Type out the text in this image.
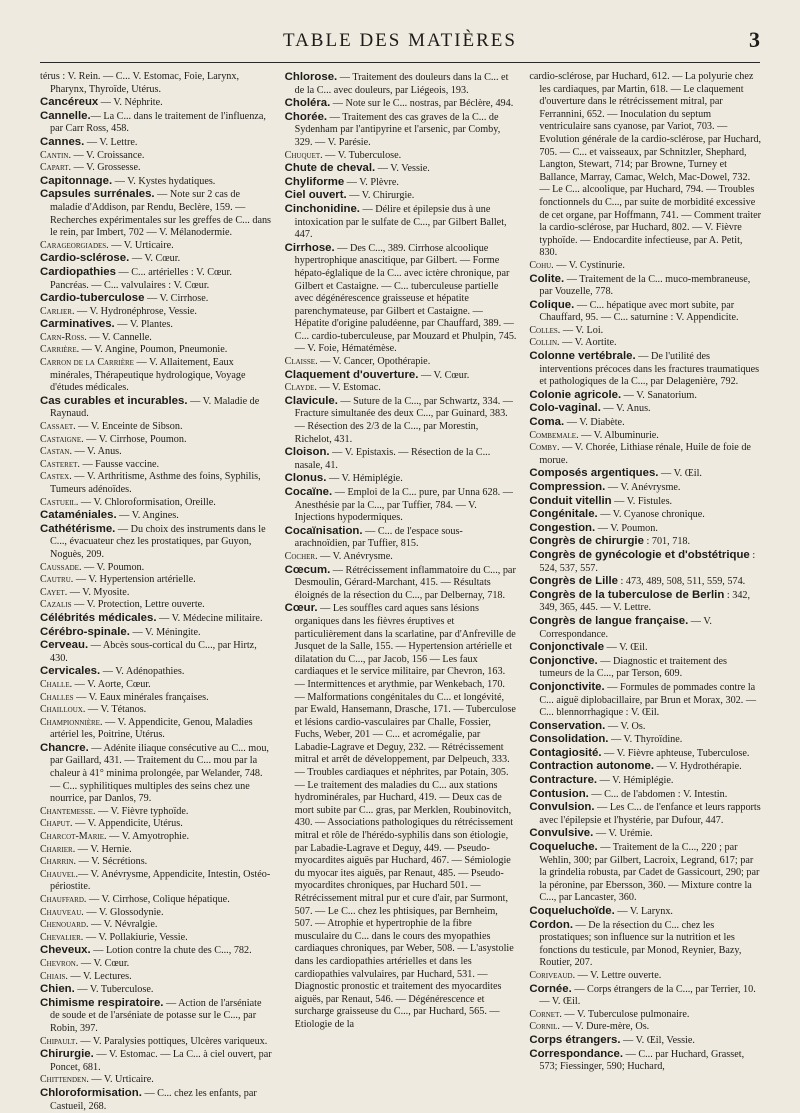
TABLE DES MATIÈRES	3

térus : V. Rein. — C... V. Estomac, Foie, Larynx, Pharynx, Thyroïde, Utérus.

Cancéreux — V. Néphrite.

Cannelle.— La C... dans le traitement de l'influenza, par Carr Ross, 458.

Cannes. — V. Lettre.

Cantin. — V. Croissance.

Capart. — V. Grossesse.

Capitonnage. — V. Kystes hydatiques.

Capsules surrénales. — Note sur 2 cas de maladie d'Addison, par Rendu, Beclère, 159. — Recherches expérimentales sur les greffes de C... dans le rein, par Imbert, 702 — V. Mélanodermie.

Carageorgiades. — V. Urticaire.

Cardio-sclérose. — V. Cœur.

Cardiopathies — C... artérielles : V. Cœur. Pancréas. — C... valvulaires : V. Cœur.

Cardio-tuberculose — V. Cirrhose.

Carlier. — V. Hydronéphrose, Vessie.

Carminatives. — V. Plantes.

Carn-Ross. — V. Cannelle.

Carrière. — V. Angine, Poumon, Pneumonie.

Carron de la Carrière — V. Allaitement, Eaux minérales, Thérapeutique hydrologique, Voyage d'études médicales.

Cas curables et incurables. — V. Maladie de Raynaud.

Cassaet. — V. Enceinte de Sibson.

Castaigne. — V. Cirrhose, Poumon.

Castan. — V. Anus.

Casteret. — Fausse vaccine.

Castex. — V. Arthritisme, Asthme des foins, Syphilis, Tumeurs adénoïdes.

Castueil. — V. Chloroformisation, Oreille.

Cataméniales. — V. Angines.

Cathétérisme. — Du choix des instruments dans le C..., évacuateur chez les prostatiques, par Guyon, Noguès, 209.

Caussade. — V. Poumon.

Cautru. — V. Hypertension artérielle.

Cayet. — V. Myosite.

Cazalis — V. Protection, Lettre ouverte.

Célébrités médicales. — V. Médecine militaire.

Cérébro-spinale. — V. Méningite.

Cerveau. — Abcès sous-cortical du C..., par Hirtz, 430.

Cervicales. — V. Adénopathies.

Challe. — V. Aorte, Cœur.

Challes — V. Eaux minérales françaises.

Chailloux. — V. Tétanos.

Championnière. — V. Appendicite, Genou, Maladies artériel les, Poitrine, Utérus.

Chancre. — Adénite iliaque consécutive au C... mou, par Gaillard, 431. — Traitement du C... mou par la chaleur à 41° minima prolongée, par Welander, 748. — C... syphilitiques multiples des seins chez une nourrice, par Danlos, 79.

Chantemesse. — V. Fièvre typhoïde.

Chaput. — V. Appendicite, Utérus.

Charcot-Marie. — V. Amyotrophie.

Charier. — V. Hernie.

Charrin. — V. Sécrétions.

Chauvel.— V. Anévrysme, Appendicite, Intestin, Ostéo-périostite.

Chauffard. — V. Cirrhose, Colique hépatique.

Chauveau. — V. Glossodynie.

Chenouard. — V. Névralgie.

Chevalier. — V. Pollakiurie, Vessie.

Cheveux. — Lotion contre la chute des C..., 782.

Chevron. — V. Cœur.

Chiais. — V. Lectures.

Chien. — V. Tuberculose.

Chimisme respiratoire. — Action de l'arséniate de soude et de l'arséniate de potasse sur le C..., par Robin, 397.

Chipault. — V. Paralysies pottiques, Ulcères variqueux.

Chirurgie. — V. Estomac. — La C... à ciel ouvert, par Poncet, 681.

Chittenden. — V. Urticaire.

Chloroformisation. — C... chez les enfants, par Castueil, 268.

Chlorose. — Traitement des douleurs dans la C... et de la C... avec douleurs, par Liégeois, 193.

Choléra. — Note sur le C... nostras, par Béclère, 494.

Chorée. — Traitement des cas graves de la C... de Sydenham par l'antipyrine et l'arsenic, par Comby, 329. — V. Parésie.

Chuquet. — V. Tuberculose.

Chute de cheval. — V. Vessie.

Chyliforme — V. Plèvre.

Ciel ouvert. — V. Chirurgie.

Cinchonidine. — Délire et épilepsie dus à une intoxication par le sulfate de C..., par Gilbert Ballet, 447.

Cirrhose. — Des C..., 389. Cirrhose alcoolique hypertrophique anascitique, par Gilbert. — Forme hépato-églalique de la C... avec ictère chronique, par Gilbert et Castaigne. — C... tuberculeuse partielle avec dégénérescence graisseuse et hépatite parenchymateuse, par Gilbert et Castaigne. — Hépatite d'origine paludéenne, par Chauffard, 389. — C... cardio-tuberculeuse, par Mouzard et Phulpin, 745. — V. Foie, Hématémèse.

Claisse. — V. Cancer, Opothérapie.

Claquement d'ouverture. — V. Cœur.

Clayde. — V. Estomac.

Clavicule. — Suture de la C..., par Schwartz, 334. — Fracture simultanée des deux C..., par Guinard, 383. — Résection des 2/3 de la C..., par Morestin, Richelot, 431.

Cloison. — V. Epistaxis. — Résection de la C... nasale, 41.

Clonus. — V. Hémiplégie.

Cocaïne. — Emploi de la C... pure, par Unna 628. — Anesthésie par la C..., par Tuffier, 784. — V. Injections hypodermiques.

Cocaïnisation. — C... de l'espace sous-arachnoïdien, par Tuffier, 815.

Cocher. — V. Anévrysme.

Cœcum. — Rétrécissement inflammatoire du C..., par Desmoulin, Gérard-Marchant, 415. — Résultats éloignés de la résection du C..., par Delbernay, 718.

Cœur. — Les souffles card aques sans lésions organiques dans les fièvres éruptives et particulièrement dans la scarlatine, par d'Anfreville de Jusquet de la Salle, 155. — Hypertension artérielle et dilatation du C..., par Jacob, 156 — Les faux cardiaques et le service militaire, par Chevron, 163. — Intermittences et arythmie, par Wenkebach, 170. — Malformations congénitales du C... et longévité, par Ewald, Hansemann, Drasche, 171. — Tuberculose et lésions cardio-vasculaires par Challe, Fossier, Fuchs, Weber, 201 — C... et acromégalie, par Labadie-Lagrave et Deguy, 232. — Rétrécissement mitral et arrêt de développement, par Delpeuch, 333. — Troubles cardiaques et néphrites, par Potain, 305. — Le traitement des maladies du C... aux stations hydrominérales, par Huchard, 419. — Deux cas de mort subite par C... gras, par Merklen, Roubinovitch, 430. — Associations pathologiques du rétrécissement mitral et rôle de l'hérédo-syphilis dans son étiologie, par Labadie-Lagrave et Deguy, 449. — Pseudo-myocardites aiguës par Huchard, 467. — Sémiologie du myocar ites aiguës, par Renaut, 485. — Pseudo-myocardites chroniques, par Huchard 501. — Rétrécissement mitral pur et cure d'air, par Surmont, 507. — Le C... chez les phtisiques, par Bernheim, 507. — Atrophie et hypertrophie de la fibre musculaire du C... dans le cours des myopathies cardiaques chroniques, par Weber, 508. — L'asystolie dans les cardiopathies artérielles et dans les cardiopathies valvulaires, par Huchard, 531. — Diagnostic pronostic et traitement des myocardites aiguës, par Renaut, 546. — Dégénérescence et surcharge graisseuse du C..., par Huchard, 565. — Etiologie de la

cardio-sclérose, par Huchard, 612. — La polyurie chez les cardiaques, par Martin, 618. — Le claquement d'ouverture dans le rétrécissement mitral, par Ferrannini, 652. — Inoculation du septum ventriculaire sans cyanose, par Variot, 703. — Evolution générale de la cardio-sclérose, par Huchard, 705. — C... et vaisseaux, par Schnitzler, Shephard, Langton, Stewart, 714; par Browne, Turney et Ballance, Marray, Camac, Welch, Mac-Dowel, 732. — Le C... alcoolique, par Huchard, 794. — Troubles fonctionnels du C..., par suite de morbidité excessive de cet organe, par Hoffmann, 741. — Comment traiter la cardio-sclérose, par Huchard, 802. — V. Fièvre typhoïde. — Endocardite infectieuse, par A. Petit, 830.

Cohu. — V. Cystinurie.

Colite. — Traitement de la C... muco-membraneuse, par Vouzelle, 778.

Colique. — C... hépatique avec mort subite, par Chauffard, 95. — C... saturnine : V. Appendicite.

Colles. — V. Loi.

Collin. — V. Aortite.

Colonne vertébrale. — De l'utilité des interventions précoces dans les fractures traumatiques et pathologiques de la C..., par Delagenière, 792.

Colonie agricole. — V. Sanatorium.

Colo-vaginal. — V. Anus.

Coma. — V. Diabète.

Combemale. — V. Albuminurie.

Comby. — V. Chorée, Lithiase rénale, Huile de foie de morue.

Composés argentiques. — V. Œil.

Compression. — V. Anévrysme.

Conduit vitellin — V. Fistules.

Congénitale. — V. Cyanose chronique.

Congestion. — V. Poumon.

Congrès de chirurgie : 701, 718.

Congrès de gynécologie et d'obstétrique : 524, 537, 557.

Congrès de Lille : 473, 489, 508, 511, 559, 574.

Congrès de la tuberculose de Berlin : 342, 349, 365, 445. — V. Lettre.

Congrès de langue française. — V. Correspondance.

Conjonctivale — V. Œil.

Conjonctive. — Diagnostic et traitement des tumeurs de la C..., par Terson, 609.

Conjonctivite. — Formules de pommades contre la C... aiguë diplobacillaire, par Brun et Morax, 302. — C... blennorrhagique : V. Œil.

Conservation. — V. Os.

Consolidation. — V. Thyroïdine.

Contagiosité. — V. Fièvre aphteuse, Tuberculose.

Contraction autonome. — V. Hydrothérapie.

Contracture. — V. Hémiplégie.

Contusion. — C... de l'abdomen : V. Intestin.

Convulsion. — Les C... de l'enfance et leurs rapports avec l'épilepsie et l'hystérie, par Dufour, 447.

Convulsive. — V. Urémie.

Coqueluche. — Traitement de la C..., 220 ; par Wehlin, 300; par Gilbert, Lacroix, Legrand, 617; par la grindelia robusta, par Cadet de Gassicourt, 290; par la péronine, par Ebersson, 360. — Mixture contre la C..., par Lancaster, 360.

Coqueluchoïde. — V. Larynx.

Cordon. — De la résection du C... chez les prostatiques; son influence sur la nutrition et les fonctions du testicule, par Monod, Reynier, Bazy, Routier, 207.

Coriveaud. — V. Lettre ouverte.

Cornée. — Corps étrangers de la C..., par Terrier, 10. — V. Œil.

Cornet. — V. Tuberculose pulmonaire.

Cornil. — V. Dure-mère, Os.

Corps étrangers. — V. Œil, Vessie.

Correspondance. — C... par Huchard, Grasset, 573; Fiessinger, 590; Huchard,
